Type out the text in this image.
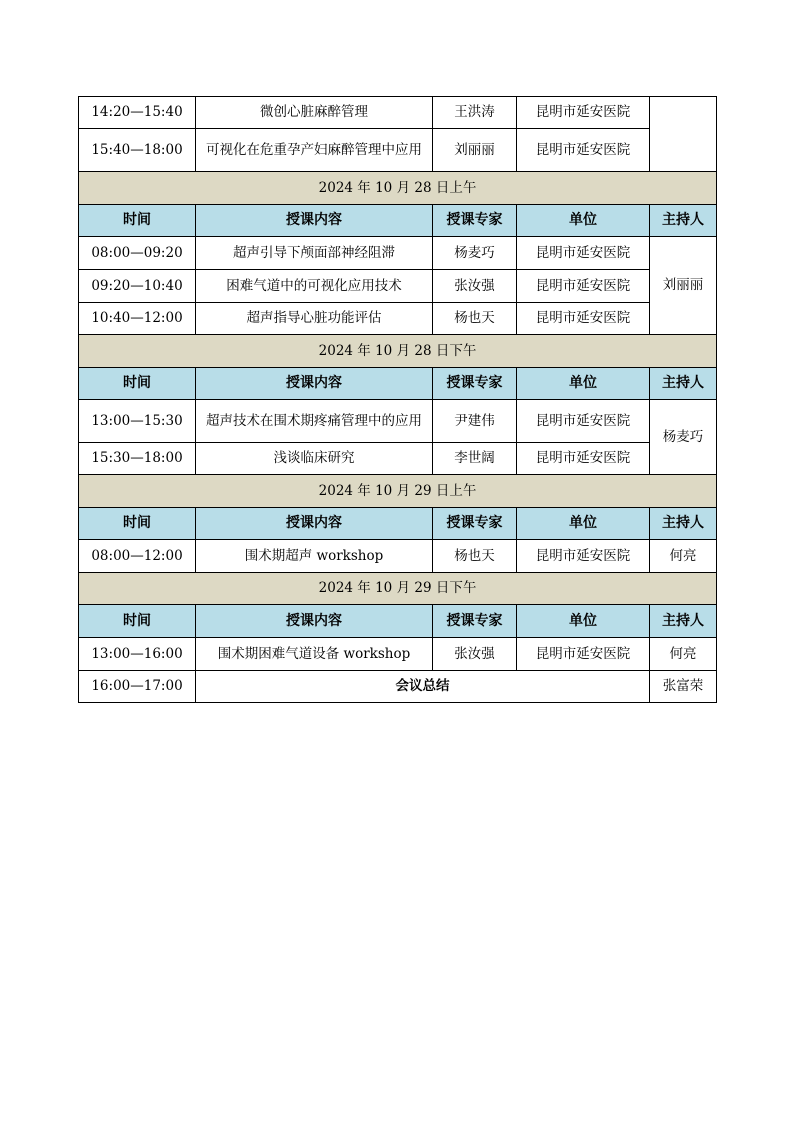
14:20—15:40	微创心脏麻醉管理	王洪涛	昆明市延安医院	
15:40—18:00	可视化在危重孕产妇麻醉管理中应用	刘丽丽	昆明市延安医院	
2024 年 10 月 28 日上午				
时间	授课内容	授课专家	单位	主持人
08:00—09:20	超声引导下颅面部神经阻滞	杨麦巧	昆明市延安医院	刘丽丽
09:20—10:40	困难气道中的可视化应用技术	张汝强	昆明市延安医院	
10:40—12:00	超声指导心脏功能评估	杨也天	昆明市延安医院	
2024 年 10 月 28 日下午				
时间	授课内容	授课专家	单位	主持人
13:00—15:30	超声技术在围术期疼痛管理中的应用	尹建伟	昆明市延安医院	杨麦巧
15:30—18:00	浅谈临床研究	李世阔	昆明市延安医院	
2024 年 10 月 29 日上午				
时间	授课内容	授课专家	单位	主持人
08:00—12:00	围术期超声 workshop	杨也天	昆明市延安医院	何亮
2024 年 10 月 29 日下午				
时间	授课内容	授课专家	单位	主持人
13:00—16:00	围术期困难气道设备 workshop	张汝强	昆明市延安医院	何亮
16:00—17:00	会议总结			张富荣
